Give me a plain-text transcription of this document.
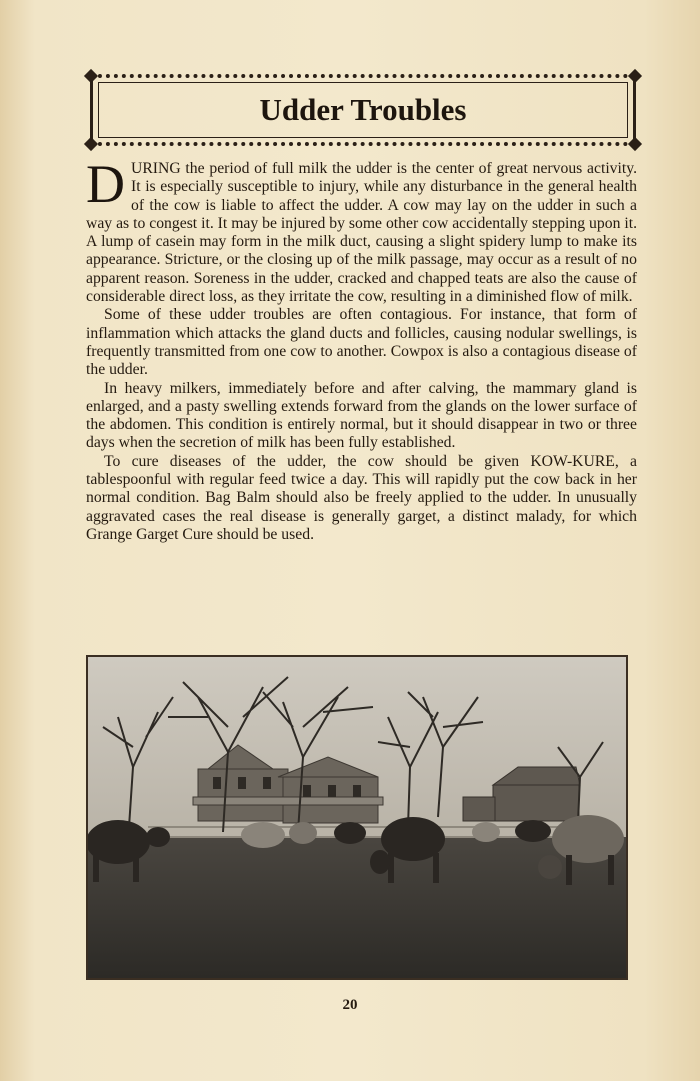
Udder Troubles

DURING the period of full milk the udder is the center of great nervous activity. It is especially susceptible to injury, while any disturbance in the general health of the cow is liable to affect the udder. A cow may lay on the udder in such a way as to congest it. It may be injured by some other cow accidentally stepping upon it. A lump of casein may form in the milk duct, causing a slight spidery lump to make its appearance. Stricture, or the closing up of the milk passage, may occur as a result of no apparent reason. Soreness in the udder, cracked and chapped teats are also the cause of considerable direct loss, as they irritate the cow, resulting in a diminished flow of milk.

Some of these udder troubles are often contagious. For instance, that form of inflammation which attacks the gland ducts and follicles, causing nodular swellings, is frequently transmitted from one cow to another. Cowpox is also a contagious disease of the udder.

In heavy milkers, immediately before and after calving, the mammary gland is enlarged, and a pasty swelling extends forward from the glands on the lower surface of the abdomen. This condition is entirely normal, but it should disappear in two or three days when the secretion of milk has been fully established.

To cure diseases of the udder, the cow should be given KOW-KURE, a tablespoonful with regular feed twice a day. This will rapidly put the cow back in her normal condition. Bag Balm should also be freely applied to the udder. In unusually aggravated cases the real disease is generally garget, a distinct malady, for which Grange Garget Cure should be used.

20
